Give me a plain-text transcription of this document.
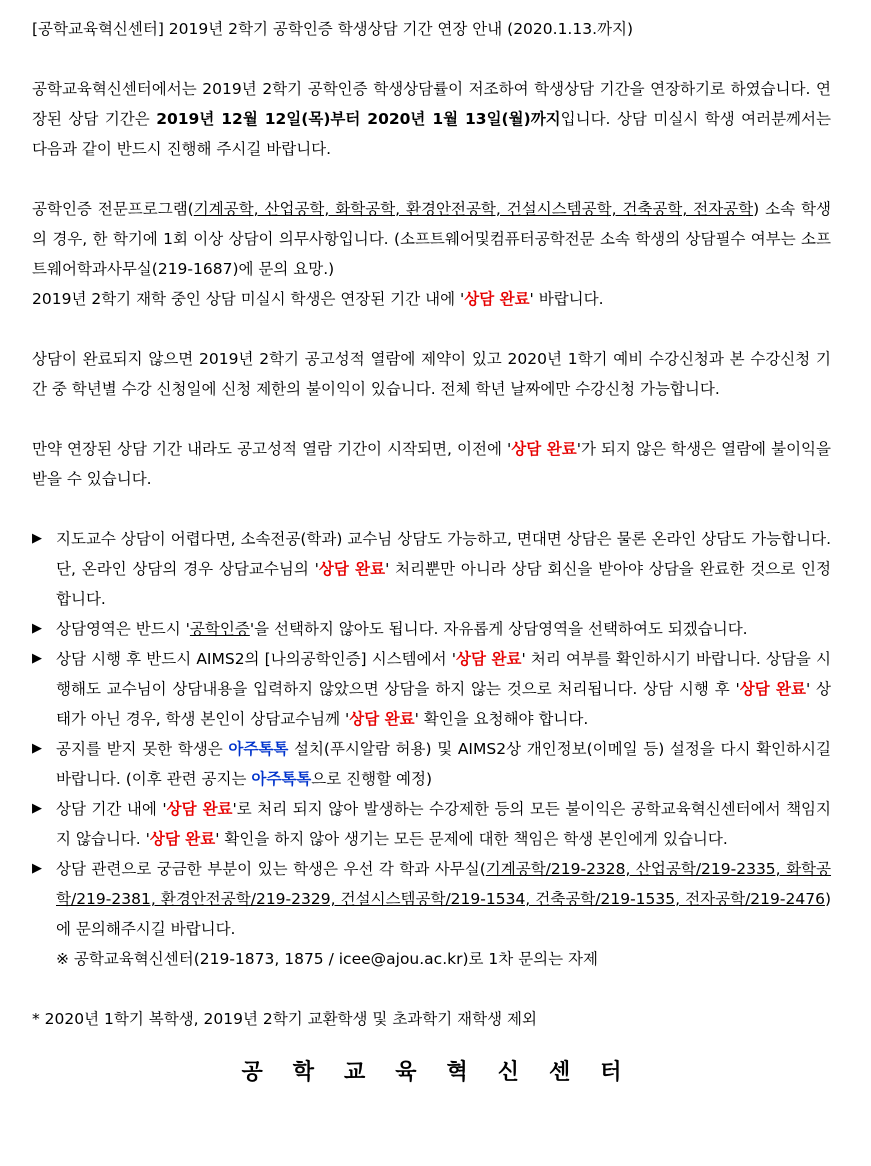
[공학교육혁신센터] 2019년 2학기 공학인증 학생상담 기간 연장 안내 (2020.1.13.까지)

공학교육혁신센터에서는 2019년 2학기 공학인증 학생상담률이 저조하여 학생상담 기간을 연장하기로 하였습니다. 연장된 상담 기간은 2019년 12월 12일(목)부터 2020년 1월 13일(월)까지입니다. 상담 미실시 학생 여러분께서는 다음과 같이 반드시 진행해 주시길 바랍니다.

공학인증 전문프로그램(기계공학, 산업공학, 화학공학, 환경안전공학, 건설시스템공학, 건축공학, 전자공학) 소속 학생의 경우, 한 학기에 1회 이상 상담이 의무사항입니다. (소프트웨어및컴퓨터공학전문 소속 학생의 상담필수 여부는 소프트웨어학과사무실(219-1687)에 문의 요망.)

2019년 2학기 재학 중인 상담 미실시 학생은 연장된 기간 내에 '상담 완료' 바랍니다.

상담이 완료되지 않으면 2019년 2학기 공고성적 열람에 제약이 있고 2020년 1학기 예비 수강신청과 본 수강신청 기간 중 학년별 수강 신청일에 신청 제한의 불이익이 있습니다. 전체 학년 날짜에만 수강신청 가능합니다.

만약 연장된 상담 기간 내라도 공고성적 열람 기간이 시작되면, 이전에 '상담 완료'가 되지 않은 학생은 열람에 불이익을 받을 수 있습니다.

▶ 지도교수 상담이 어렵다면, 소속전공(학과) 교수님 상담도 가능하고, 면대면 상담은 물론 온라인 상담도 가능합니다. 단, 온라인 상담의 경우 상담교수님의 '상담 완료' 처리뿐만 아니라 상담 회신을 받아야 상담을 완료한 것으로 인정합니다.
▶ 상담영역은 반드시 '공학인증'을 선택하지 않아도 됩니다. 자유롭게 상담영역을 선택하여도 되겠습니다.
▶ 상담 시행 후 반드시 AIMS2의 [나의공학인증] 시스템에서 '상담 완료' 처리 여부를 확인하시기 바랍니다. 상담을 시행해도 교수님이 상담내용을 입력하지 않았으면 상담을 하지 않는 것으로 처리됩니다. 상담 시행 후 '상담 완료' 상태가 아닌 경우, 학생 본인이 상담교수님께 '상담 완료' 확인을 요청해야 합니다.
▶ 공지를 받지 못한 학생은 아주톡톡 설치(푸시알람 허용) 및 AIMS2상 개인정보(이메일 등) 설정을 다시 확인하시길 바랍니다. (이후 관련 공지는 아주톡톡으로 진행할 예정)
▶ 상담 기간 내에 '상담 완료'로 처리 되지 않아 발생하는 수강제한 등의 모든 불이익은 공학교육혁신센터에서 책임지지 않습니다. '상담 완료' 확인을 하지 않아 생기는 모든 문제에 대한 책임은 학생 본인에게 있습니다.
▶ 상담 관련으로 궁금한 부분이 있는 학생은 우선 각 학과 사무실(기계공학/219-2328, 산업공학/219-2335, 화학공학/219-2381, 환경안전공학/219-2329, 건설시스템공학/219-1534, 건축공학/219-1535, 전자공학/219-2476)에 문의해주시길 바랍니다.

※ 공학교육혁신센터(219-1873, 1875 / icee@ajou.ac.kr)로 1차 문의는 자제

* 2020년 1학기 복학생, 2019년 2학기 교환학생 및 초과학기 재학생 제외

공학교육혁신센터
